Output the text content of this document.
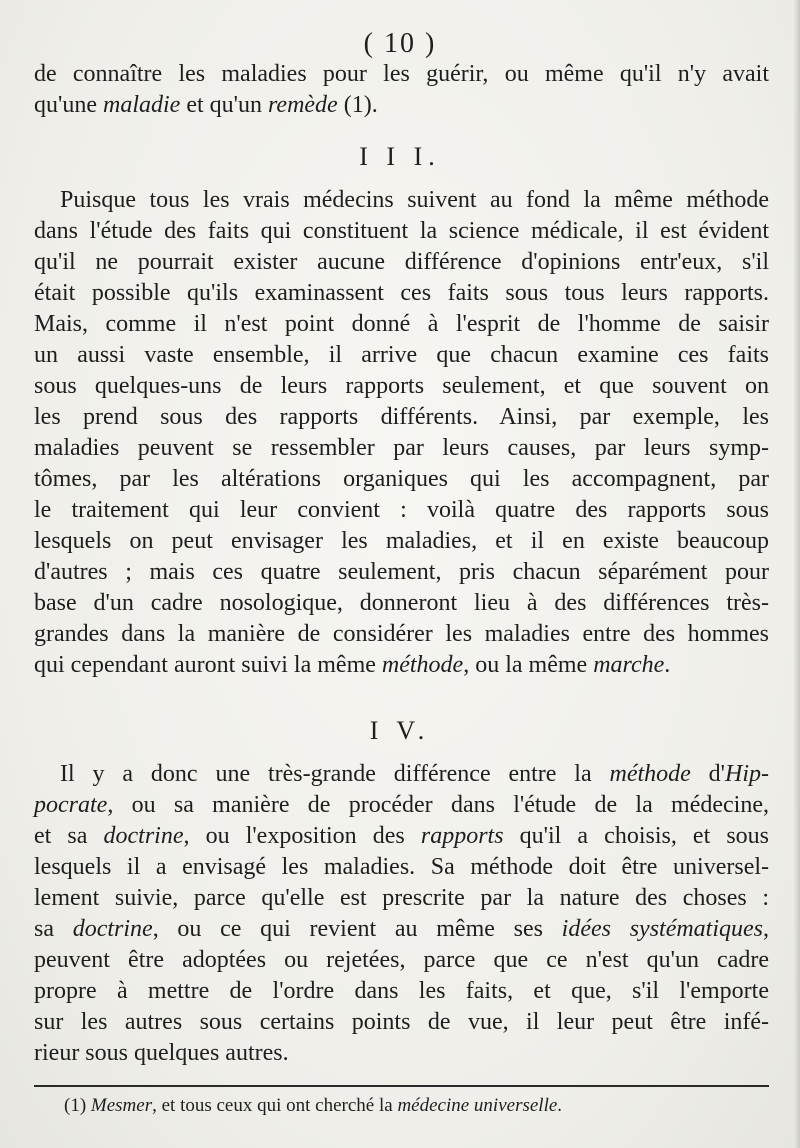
( 10 )
de connaître les maladies pour les guérir, ou même qu'il n'y avait
qu'une maladie et qu'un remède (1).
I I I.
Puisque tous les vrais médecins suivent au fond la même méthode
dans l'étude des faits qui constituent la science médicale, il est évident
qu'il ne pourrait exister aucune différence d'opinions entr'eux, s'il
était possible qu'ils examinassent ces faits sous tous leurs rapports.
Mais, comme il n'est point donné à l'esprit de l'homme de saisir
un aussi vaste ensemble, il arrive que chacun examine ces faits
sous quelques-uns de leurs rapports seulement, et que souvent on
les prend sous des rapports différents. Ainsi, par exemple, les
maladies peuvent se ressembler par leurs causes, par leurs symp-
tômes, par les altérations organiques qui les accompagnent, par
le traitement qui leur convient : voilà quatre des rapports sous
lesquels on peut envisager les maladies, et il en existe beaucoup
d'autres ; mais ces quatre seulement, pris chacun séparément pour
base d'un cadre nosologique, donneront lieu à des différences très-
grandes dans la manière de considérer les maladies entre des hommes
qui cependant auront suivi la même méthode, ou la même marche.
I V.
Il y a donc une très-grande différence entre la méthode d'Hip-
pocrate, ou sa manière de procéder dans l'étude de la médecine,
et sa doctrine, ou l'exposition des rapports qu'il a choisis, et sous
lesquels il a envisagé les maladies. Sa méthode doit être universel-
lement suivie, parce qu'elle est prescrite par la nature des choses :
sa doctrine, ou ce qui revient au même ses idées systématiques,
peuvent être adoptées ou rejetées, parce que ce n'est qu'un cadre
propre à mettre de l'ordre dans les faits, et que, s'il l'emporte
sur les autres sous certains points de vue, il leur peut être infé-
rieur sous quelques autres.
(1) Mesmer, et tous ceux qui ont cherché la médecine universelle.
